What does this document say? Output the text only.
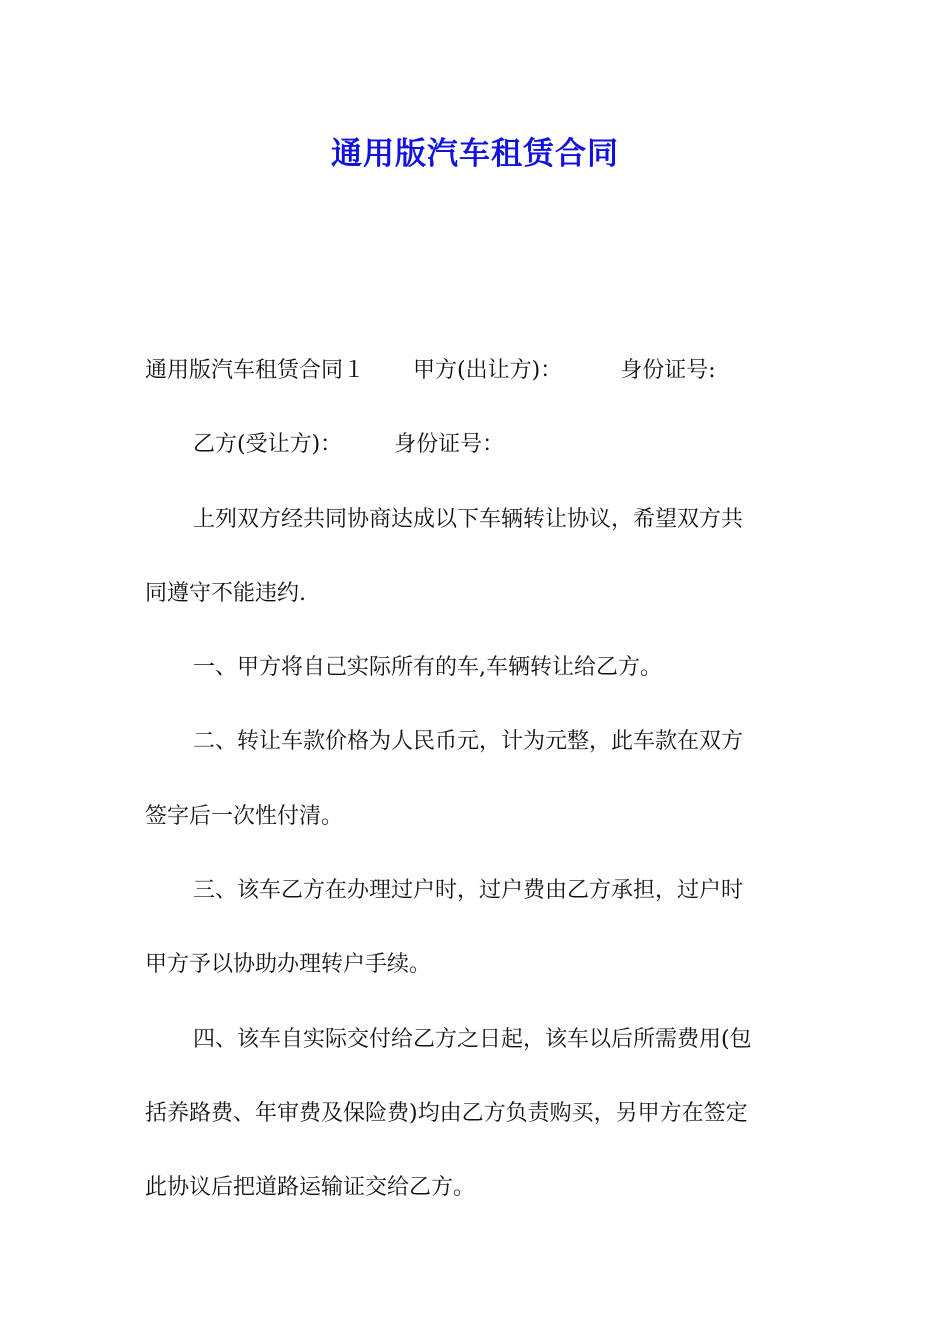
通用版汽车租赁合同
通用版汽车租赁合同１ 甲方(出让方)：	身份证号:
乙方(受让方)： 身份证号：
上列双方经共同协商达成以下车辆转让协议，希望双方共
同遵守不能违约.
一、甲方将自己实际所有的车,车辆转让给乙方。
二、转让车款价格为人民币元，计为元整，此车款在双方
签字后一次性付清。
三、该车乙方在办理过户时，过户费由乙方承担，过户时
甲方予以协助办理转户手续。
四、该车自实际交付给乙方之日起，该车以后所需费用(包
括养路费、年审费及保险费)均由乙方负责购买，另甲方在签定
此协议后把道路运输证交给乙方。
